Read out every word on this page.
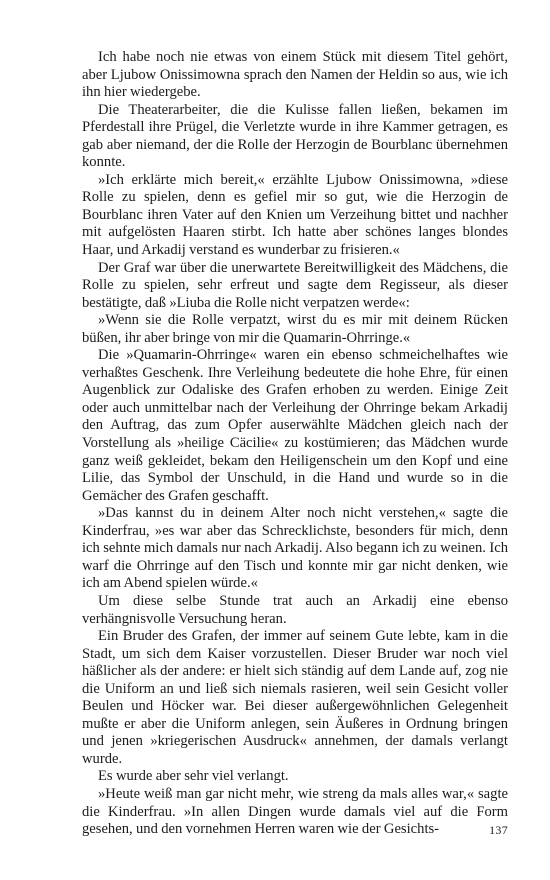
Ich habe noch nie etwas von einem Stück mit diesem Titel gehört, aber Ljubow Onissimowna sprach den Namen der Heldin so aus, wie ich ihn hier wiedergebe.

Die Theaterarbeiter, die die Kulisse fallen ließen, bekamen im Pferdestall ihre Prügel, die Verletzte wurde in ihre Kammer getragen, es gab aber niemand, der die Rolle der Herzogin de Bourblanc übernehmen konnte.

»Ich erklärte mich bereit,« erzählte Ljubow Onissimowna, »diese Rolle zu spielen, denn es gefiel mir so gut, wie die Herzogin de Bourblanc ihren Vater auf den Knien um Verzeihung bittet und nachher mit aufgelösten Haaren stirbt. Ich hatte aber schönes langes blondes Haar, und Arkadij verstand es wunderbar zu frisieren.«

Der Graf war über die unerwartete Bereitwilligkeit des Mädchens, die Rolle zu spielen, sehr erfreut und sagte dem Regisseur, als dieser bestätigte, daß »Liuba die Rolle nicht verpatzen werde«:

»Wenn sie die Rolle verpatzt, wirst du es mir mit deinem Rücken büßen, ihr aber bringe von mir die Quamarin-Ohrringe.«

Die »Quamarin-Ohrringe« waren ein ebenso schmeichelhaftes wie verhaßtes Geschenk. Ihre Verleihung bedeutete die hohe Ehre, für einen Augenblick zur Odaliske des Grafen erhoben zu werden. Einige Zeit oder auch unmittelbar nach der Verleihung der Ohrringe bekam Arkadij den Auftrag, das zum Opfer auserwählte Mädchen gleich nach der Vorstellung als »heilige Cäcilie« zu kostümieren; das Mädchen wurde ganz weiß gekleidet, bekam den Heiligenschein um den Kopf und eine Lilie, das Symbol der Unschuld, in die Hand und wurde so in die Gemächer des Grafen geschafft.

»Das kannst du in deinem Alter noch nicht verstehen,« sagte die Kinderfrau, »es war aber das Schrecklichste, besonders für mich, denn ich sehnte mich damals nur nach Arkadij. Also begann ich zu weinen. Ich warf die Ohrringe auf den Tisch und konnte mir gar nicht denken, wie ich am Abend spielen würde.«

Um diese selbe Stunde trat auch an Arkadij eine ebenso verhängnisvolle Versuchung heran.

Ein Bruder des Grafen, der immer auf seinem Gute lebte, kam in die Stadt, um sich dem Kaiser vorzustellen. Dieser Bruder war noch viel häßlicher als der andere: er hielt sich ständig auf dem Lande auf, zog nie die Uniform an und ließ sich niemals rasieren, weil sein Gesicht voller Beulen und Höcker war. Bei dieser außergewöhnlichen Gelegenheit mußte er aber die Uniform anlegen, sein Äußeres in Ordnung bringen und jenen »kriegerischen Ausdruck« annehmen, der damals verlangt wurde.

Es wurde aber sehr viel verlangt.

»Heute weiß man gar nicht mehr, wie streng da mals alles war,« sagte die Kinderfrau. »In allen Dingen wurde damals viel auf die Form gesehen, und den vornehmen Herren waren wie der Gesichts-	137
